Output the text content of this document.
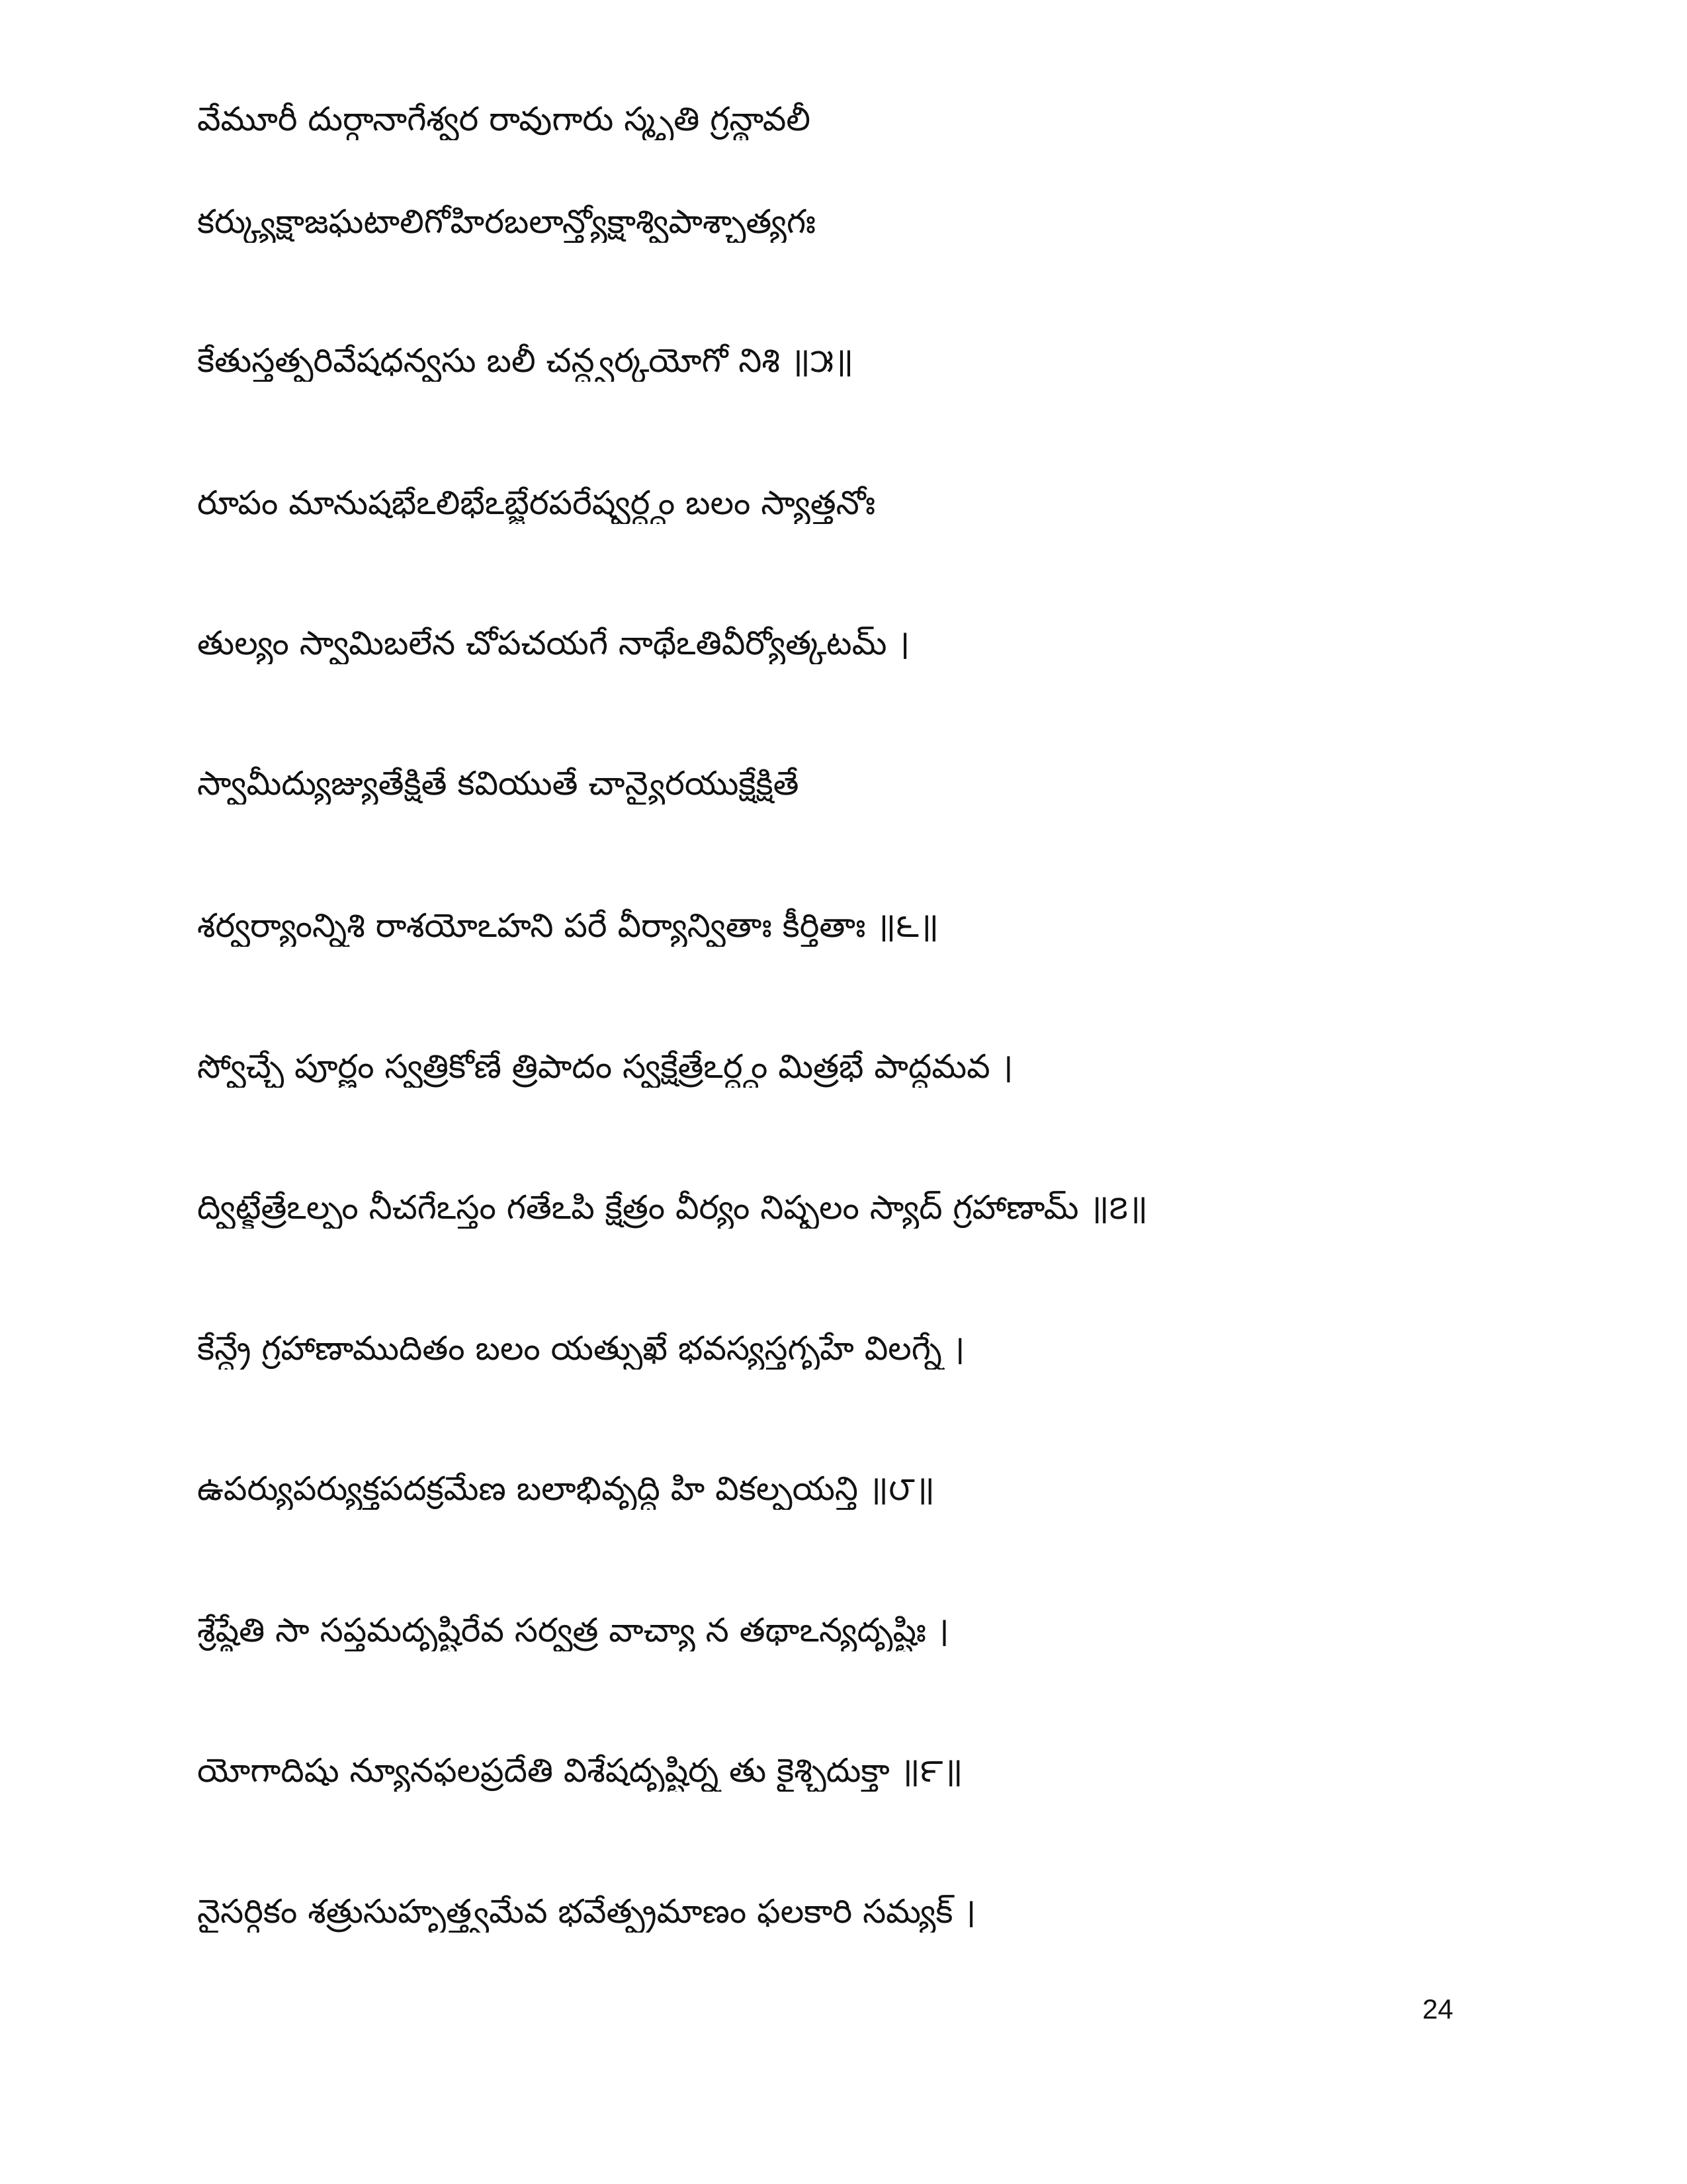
వేమూరీ దుర్గానాగేశ్వర రావుగారు స్మృతి గ్రన్థావలీ
కర్క్యుక్షాజఘటాలిగోహిరబలాన్త్యోక్షాశ్విపాశ్చాత్యగః
కేతుస్తత్పరివేషధన్వసు బలీ చన్ద్వర్కయోగో నిశి ॥౫॥
రూపం మానుషభేఽలిభేఽబ్జేరపరేష్వర్ద్ధం బలం స్యాత్తనోః
తుల్యం స్వామిబలేన చోపచయగే నాథేఽతివీర్యోత్కటమ్ ।
స్వామీద్యుజ్యుతేక్షితే కవియుతే చాన్యైరయుక్షేక్షితే
శర్వర్యాంన్నిశి రాశయోఽహని పరే వీర్యాన్వితాః కీర్తితాః ॥౬॥
స్వోచ్చే పూర్ణం స్వత్రికోణే త్రిపాదం స్వక్షేత్రేఽర్ద్ధం మిత్రభే పాద్ధమవ ।
ద్విట్క్షేత్రేఽల్పం నీచగేఽస్తం గతేఽపి క్షేత్రం వీర్యం నిష్ఫలం స్యాద్ గ్రహాణామ్ ॥౭॥
కేన్ద్రే గ్రహాణాముదితం బలం యత్సుఖే భవస్యస్తగృహే విలగ్నే ।
ఉపర్యుపర్యుక్తపదక్రమేణ బలాభివృద్ధి హి వికల్పయన్తి ॥౮॥
శ్రేష్ఠేతి సా సప్తమదృష్టిరేవ సర్వత్ర వాచ్యా న తథాఽన్యదృష్టిః ।
యోగాదిషు న్యూనఫలప్రదేతి విశేషదృష్టిర్న తు కైశ్చిదుక్తా ॥౯॥
నైసర్గికం శత్రుసుహృత్త్వమేవ భవేత్ప్రమాణం ఫలకారి సమ్యక్ ।
24
